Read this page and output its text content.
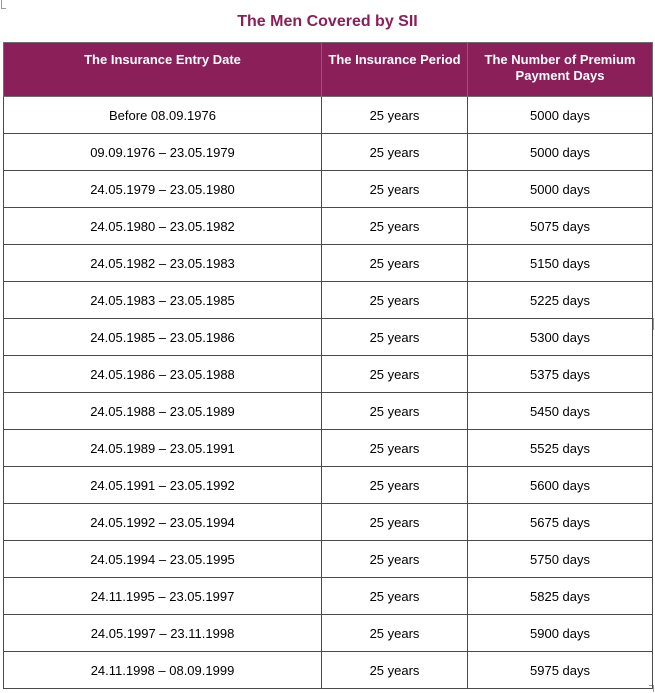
The Men Covered by SII
The Insurance Entry Date	The Insurance Period	The Number of Premium Payment Days
Before 08.09.1976	25 years	5000 days
09.09.1976 – 23.05.1979	25 years	5000 days
24.05.1979 – 23.05.1980	25 years	5000 days
24.05.1980 – 23.05.1982	25 years	5075 days
24.05.1982 – 23.05.1983	25 years	5150 days
24.05.1983 – 23.05.1985	25 years	5225 days
24.05.1985 – 23.05.1986	25 years	5300 days
24.05.1986 – 23.05.1988	25 years	5375 days
24.05.1988 – 23.05.1989	25 years	5450 days
24.05.1989 – 23.05.1991	25 years	5525 days
24.05.1991 – 23.05.1992	25 years	5600 days
24.05.1992 – 23.05.1994	25 years	5675 days
24.05.1994 – 23.05.1995	25 years	5750 days
24.11.1995 – 23.05.1997	25 years	5825 days
24.05.1997 – 23.11.1998	25 years	5900 days
24.11.1998 – 08.09.1999	25 years	5975 days
